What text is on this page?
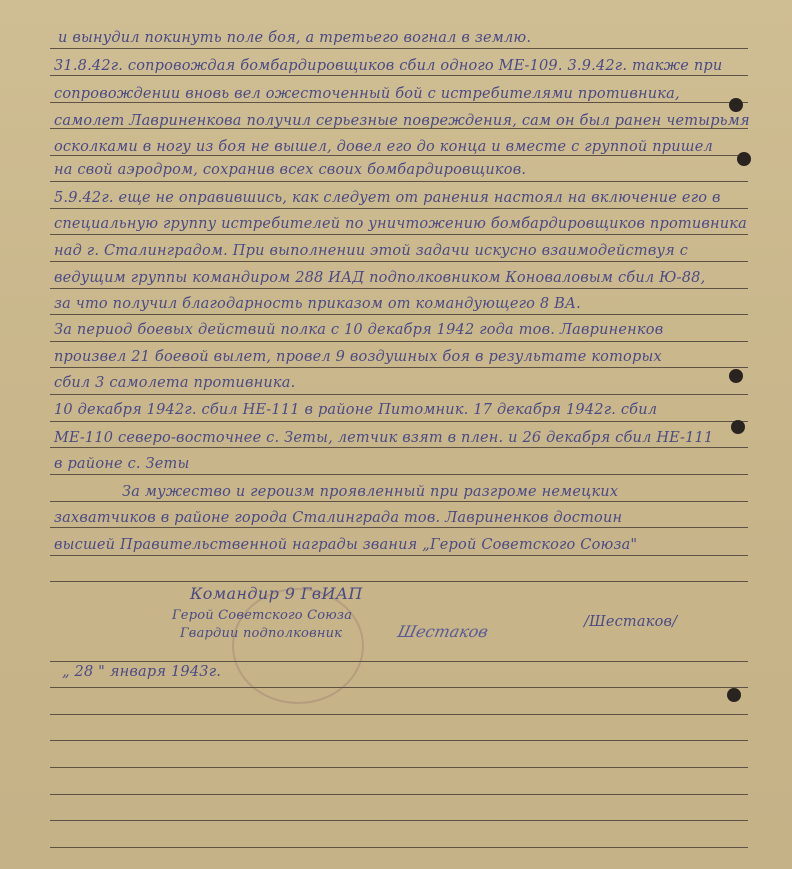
и вынудил покинуть поле боя, а третьего вогнал в землю.

31.8.42г. сопровождая бомбардировщиков сбил одного МЕ-109. 3.9.42г. также при

сопровождении вновь вел ожесточенный бой с истребителями противника,

самолет Лавриненкова получил серьезные повреждения, сам он был ранен четырьмя

осколками в ногу из боя не вышел, довел его до конца и вместе с группой пришел

на свой аэродром, сохранив всех своих бомбардировщиков.

5.9.42г. еще не оправившись, как следует от ранения настоял на включение его в

специальную группу истребителей по уничтожению бомбардировщиков противника

над г. Сталинградом. При выполнении этой задачи искусно взаимодействуя с

ведущим группы командиром 288 ИАД подполковником Коноваловым сбил Ю-88,

за что получил благодарность приказом от командующего 8 ВА.

За период боевых действий полка с 10 декабря 1942 года тов. Лавриненков

произвел 21 боевой вылет, провел 9 воздушных боя в результате которых

сбил 3 самолета противника.

10 декабря 1942г. сбил НЕ-111 в районе Питомник. 17 декабря 1942г. сбил

МЕ-110 северо-восточнее с. Зеты, летчик взят в плен. и 26 декабря сбил НЕ-111

в районе с. Зеты

За мужество и героизм проявленный при разгроме немецких

захватчиков в районе города Сталинграда тов. Лавриненков достоин

высшей Правительственной награды звания „Герой Советского Союза"

Командир 9 ГвИАП

Герой Советского Союза

Гвардии подполковник	Шестаков	/Шестаков/

„ 28 " января 1943г.
